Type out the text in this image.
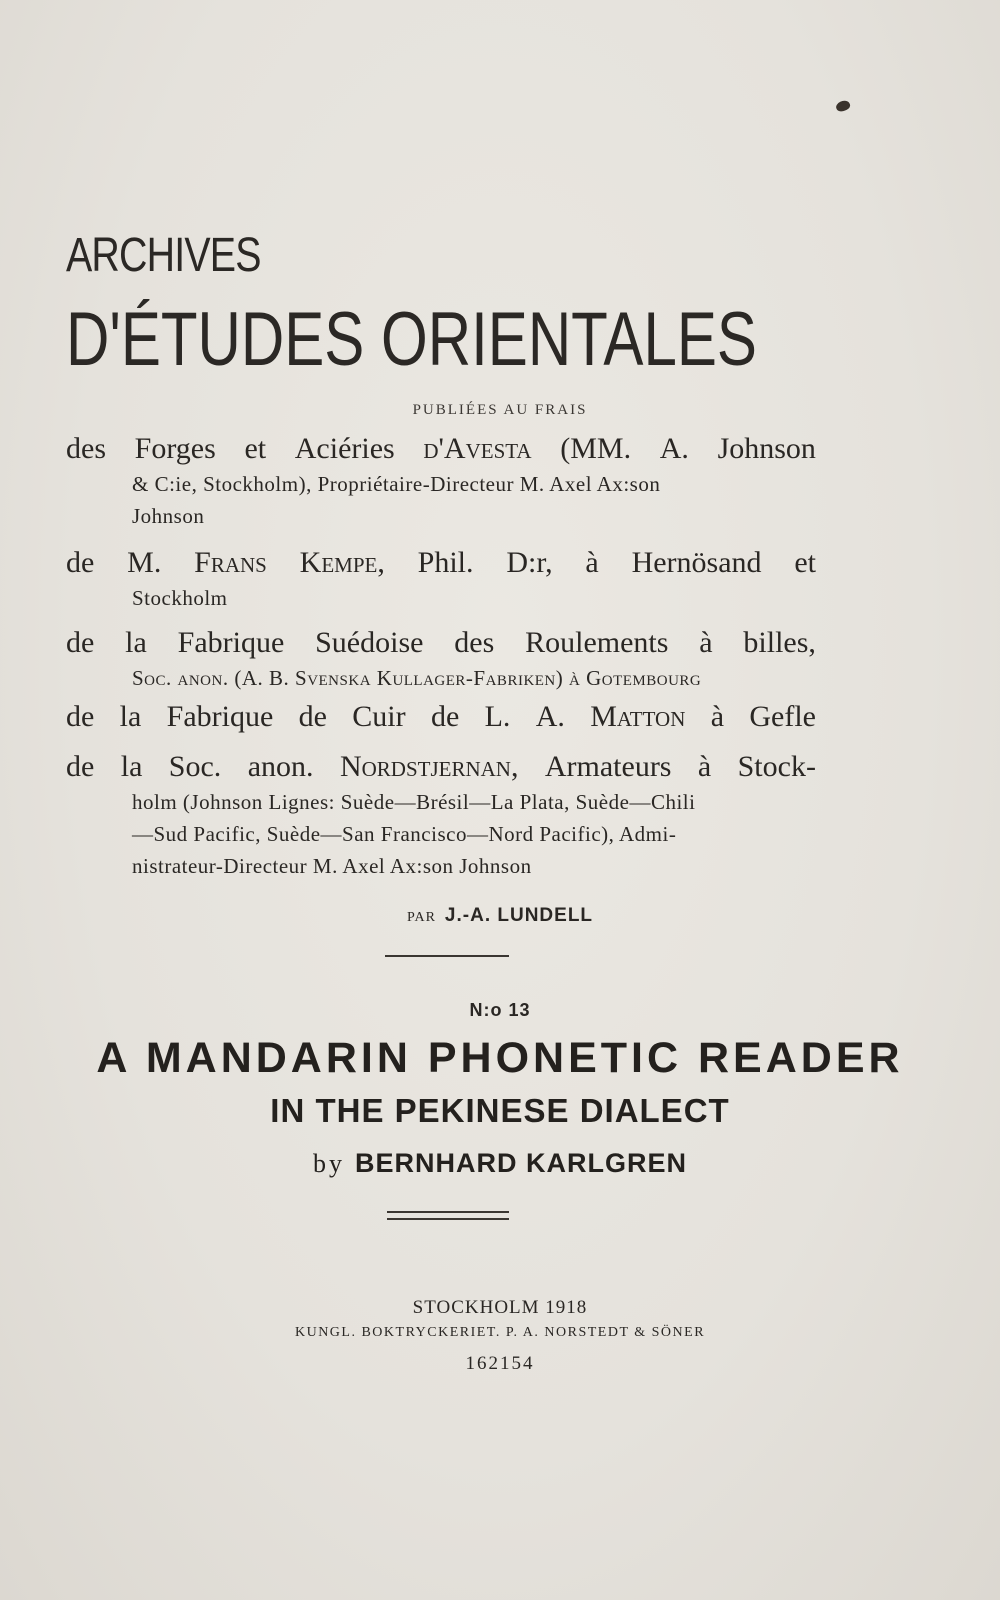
ARCHIVES
D'ÉTUDES ORIENTALES
PUBLIÉES AU FRAIS
des Forges et Aciéries d'Avesta (MM. A. Johnson
& C:ie, Stockholm), Propriétaire-Directeur M. Axel Ax:son
Johnson
de M. Frans Kempe, Phil. D:r, à Hernösand et
Stockholm
de la Fabrique Suédoise des Roulements à billes,
Soc. anon. (A. B. Svenska Kullager-Fabriken) à Gotembourg
de la Fabrique de Cuir de L. A. Matton à Gefle
de la Soc. anon. Nordstjernan, Armateurs à Stock-
holm (Johnson Lignes: Suède—Brésil—La Plata, Suède—Chili
—Sud Pacific, Suède—San Francisco—Nord Pacific), Admi-
nistrateur-Directeur M. Axel Ax:son Johnson
PAR J.-A. LUNDELL
N:o 13
A MANDARIN PHONETIC READER
IN THE PEKINESE DIALECT
by BERNHARD KARLGREN
STOCKHOLM 1918
KUNGL. BOKTRYCKERIET. P. A. NORSTEDT & SÖNER
162154
